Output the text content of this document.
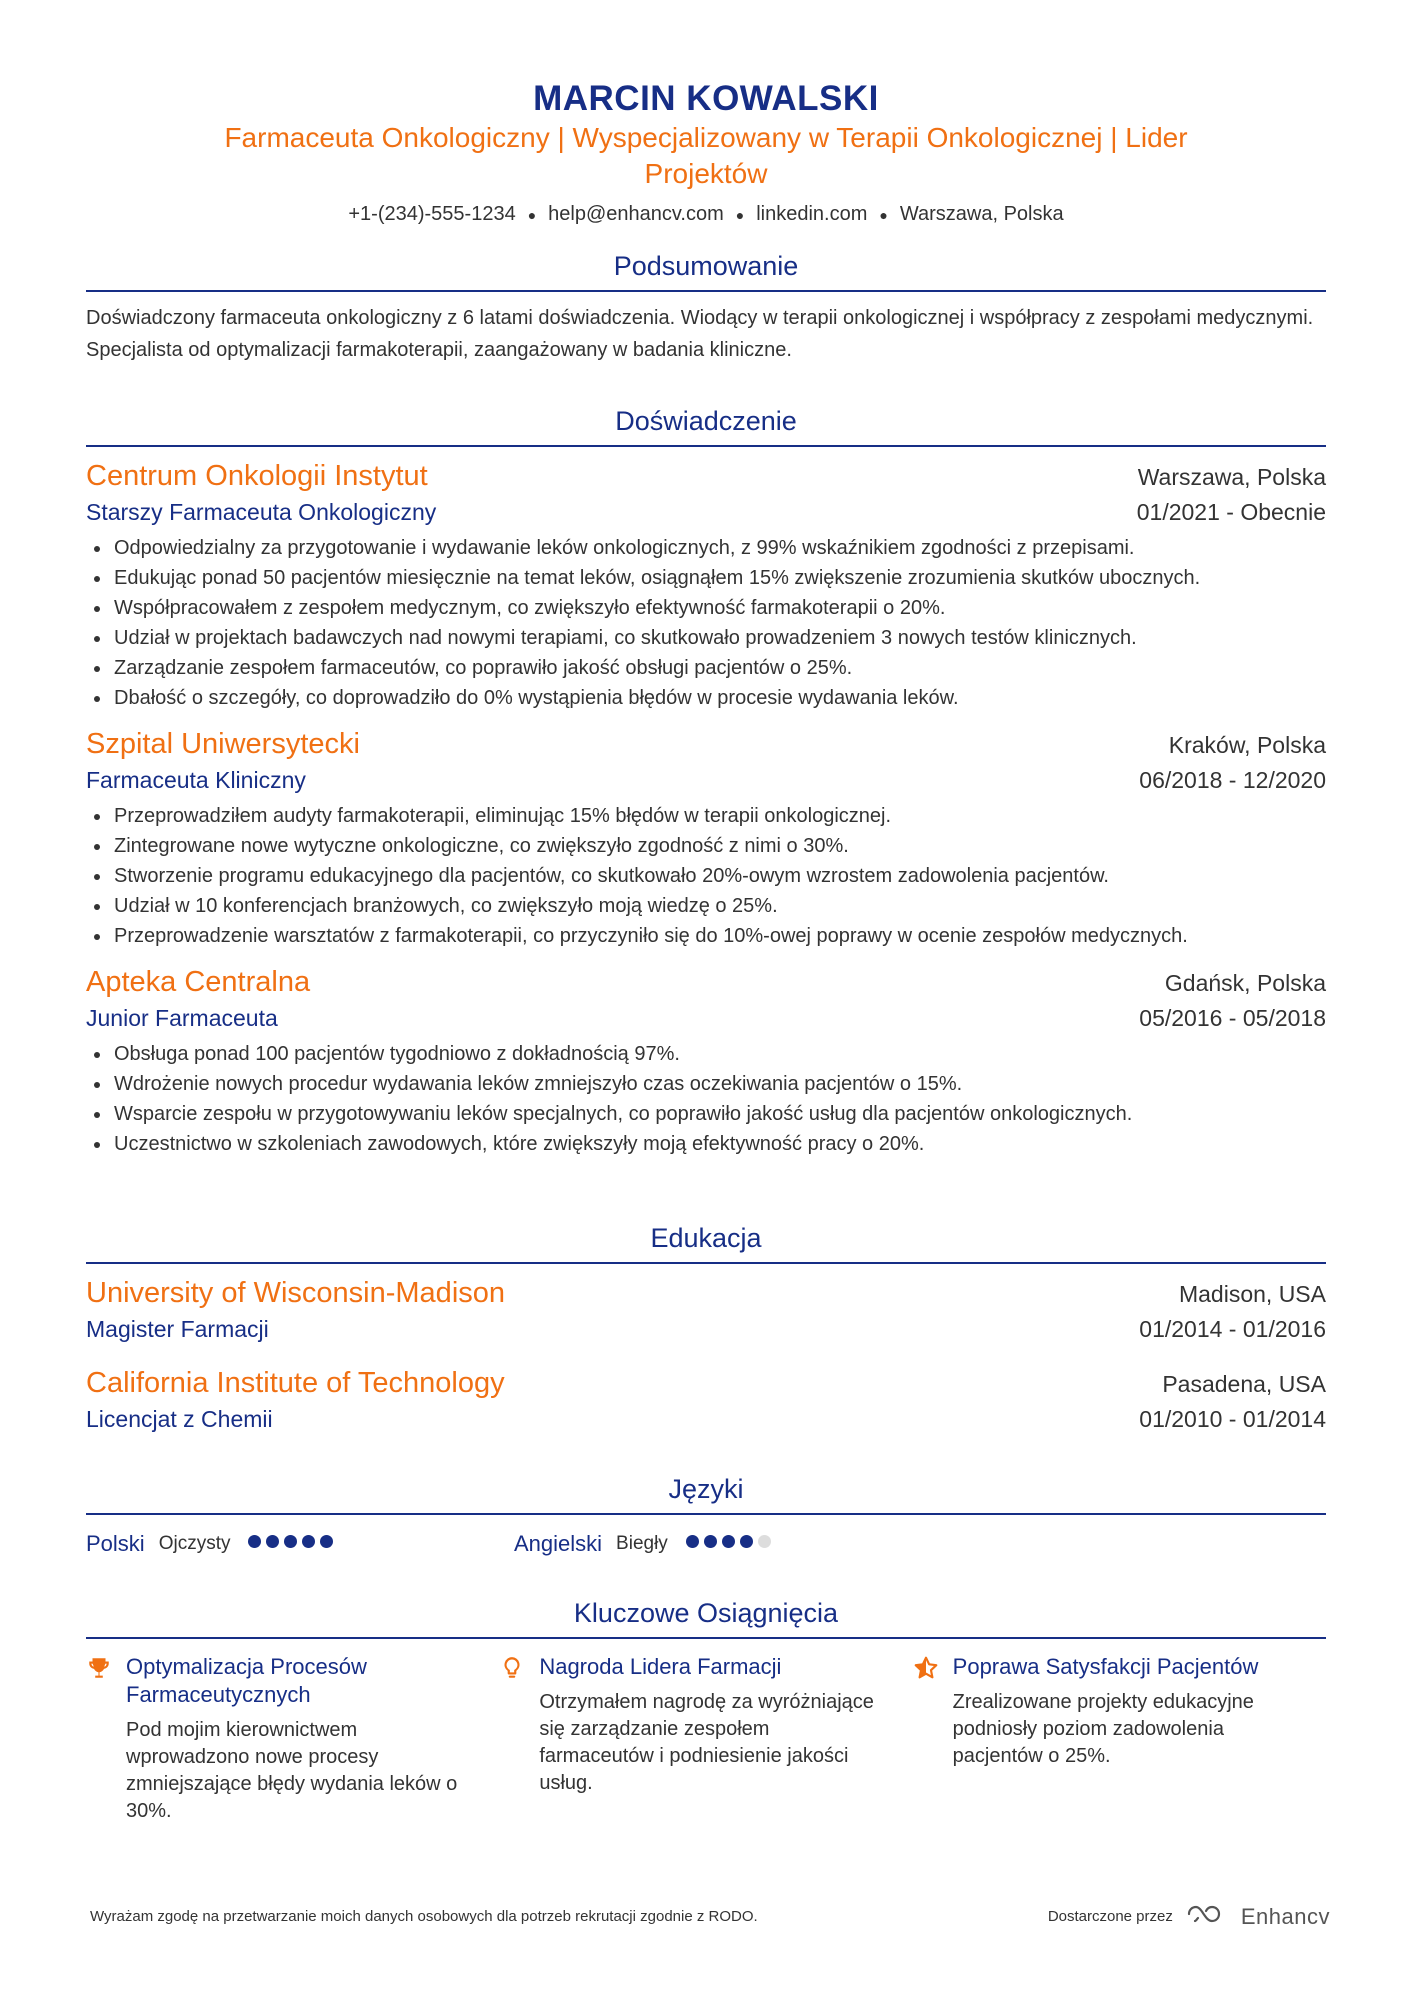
MARCIN KOWALSKI
Farmaceuta Onkologiczny | Wyspecjalizowany w Terapii Onkologicznej | Lider Projektów
+1-(234)-555-1234 ● help@enhancv.com ● linkedin.com ● Warszawa, Polska
Podsumowanie
Doświadczony farmaceuta onkologiczny z 6 latami doświadczenia. Wiodący w terapii onkologicznej i współpracy z zespołami medycznymi. Specjalista od optymalizacji farmakoterapii, zaangażowany w badania kliniczne.
Doświadczenie
Centrum Onkologii Instytut	Warszawa, Polska
Starszy Farmaceuta Onkologiczny	01/2021 - Obecnie
Odpowiedzialny za przygotowanie i wydawanie leków onkologicznych, z 99% wskaźnikiem zgodności z przepisami.
Edukując ponad 50 pacjentów miesięcznie na temat leków, osiągnąłem 15% zwiększenie zrozumienia skutków ubocznych.
Współpracowałem z zespołem medycznym, co zwiększyło efektywność farmakoterapii o 20%.
Udział w projektach badawczych nad nowymi terapiami, co skutkowało prowadzeniem 3 nowych testów klinicznych.
Zarządzanie zespołem farmaceutów, co poprawiło jakość obsługi pacjentów o 25%.
Dbałość o szczegóły, co doprowadziło do 0% wystąpienia błędów w procesie wydawania leków.
Szpital Uniwersytecki	Kraków, Polska
Farmaceuta Kliniczny	06/2018 - 12/2020
Przeprowadziłem audyty farmakoterapii, eliminując 15% błędów w terapii onkologicznej.
Zintegrowane nowe wytyczne onkologiczne, co zwiększyło zgodność z nimi o 30%.
Stworzenie programu edukacyjnego dla pacjentów, co skutkowało 20%-owym wzrostem zadowolenia pacjentów.
Udział w 10 konferencjach branżowych, co zwiększyło moją wiedzę o 25%.
Przeprowadzenie warsztatów z farmakoterapii, co przyczyniło się do 10%-owej poprawy w ocenie zespołów medycznych.
Apteka Centralna	Gdańsk, Polska
Junior Farmaceuta	05/2016 - 05/2018
Obsługa ponad 100 pacjentów tygodniowo z dokładnością 97%.
Wdrożenie nowych procedur wydawania leków zmniejszyło czas oczekiwania pacjentów o 15%.
Wsparcie zespołu w przygotowywaniu leków specjalnych, co poprawiło jakość usług dla pacjentów onkologicznych.
Uczestnictwo w szkoleniach zawodowych, które zwiększyły moją efektywność pracy o 20%.
Edukacja
University of Wisconsin-Madison	Madison, USA
Magister Farmacji	01/2014 - 01/2016
California Institute of Technology	Pasadena, USA
Licencjat z Chemii	01/2010 - 01/2014
Języki
Polski Ojczysty	Angielski Biegły
Kluczowe Osiągnięcia
Optymalizacja Procesów Farmaceutycznych
Pod mojim kierownictwem wprowadzono nowe procesy zmniejszające błędy wydania leków o 30%.
Nagroda Lidera Farmacji
Otrzymałem nagrodę za wyróżniające się zarządzanie zespołem farmaceutów i podniesienie jakości usług.
Poprawa Satysfakcji Pacjentów
Zrealizowane projekty edukacyjne podniosły poziom zadowolenia pacjentów o 25%.
Wyrażam zgodę na przetwarzanie moich danych osobowych dla potrzeb rekrutacji zgodnie z RODO.	Dostarczone przez	Enhancv
